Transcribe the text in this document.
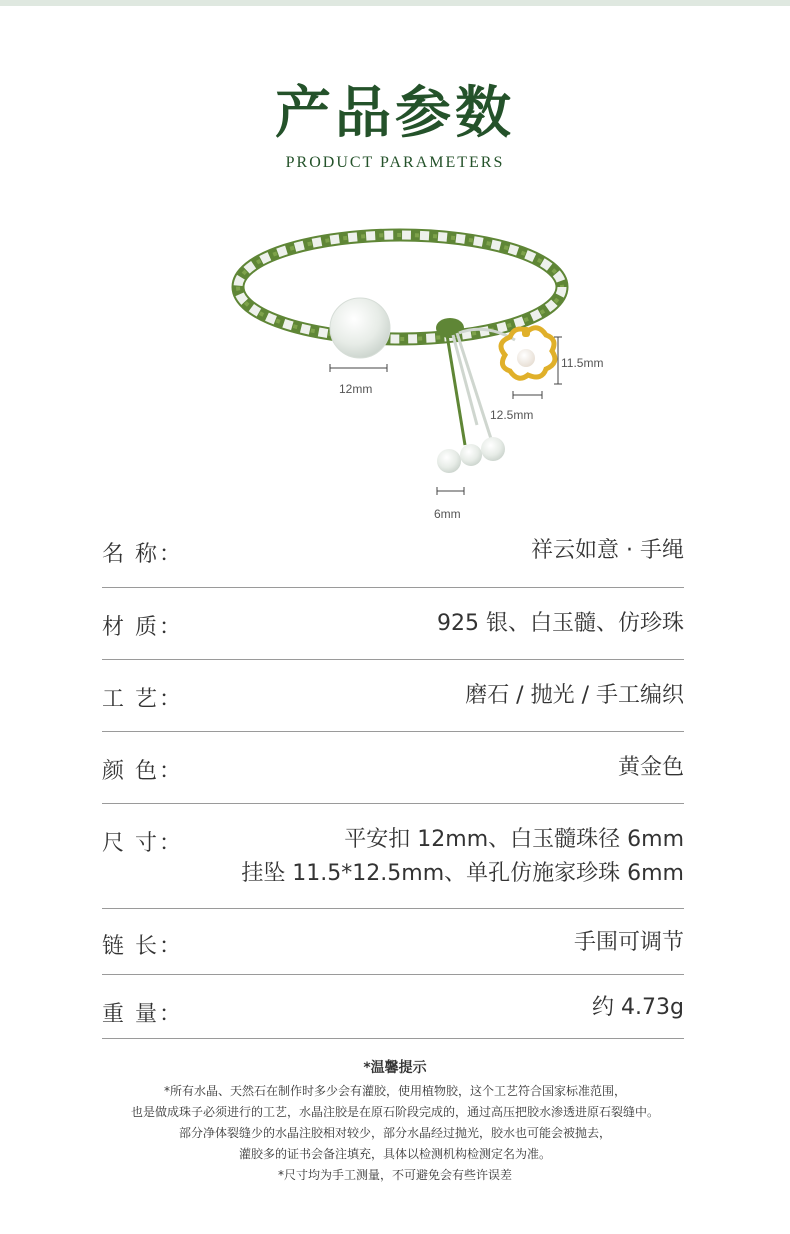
产品参数
PRODUCT PARAMETERS
12mm
11.5mm
12.5mm
6mm
名 称：	祥云如意 · 手绳
材 质：	925 银、白玉髓、仿珍珠
工 艺：	磨石 / 抛光 / 手工编织
颜 色：	黄金色
尺 寸：	平安扣 12mm、白玉髓珠径 6mm
挂坠 11.5*12.5mm、单孔仿施家珍珠 6mm
链 长：	手围可调节
重 量：	约 4.73g
*温馨提示
*所有水晶、天然石在制作时多少会有灌胶，使用植物胶，这个工艺符合国家标准范围，
也是做成珠子必须进行的工艺，水晶注胶是在原石阶段完成的，通过高压把胶水渗透进原石裂缝中。
部分净体裂缝少的水晶注胶相对较少，部分水晶经过抛光，胶水也可能会被抛去，
灌胶多的证书会备注填充，具体以检测机构检测定名为准。
*尺寸均为手工测量，不可避免会有些许误差
